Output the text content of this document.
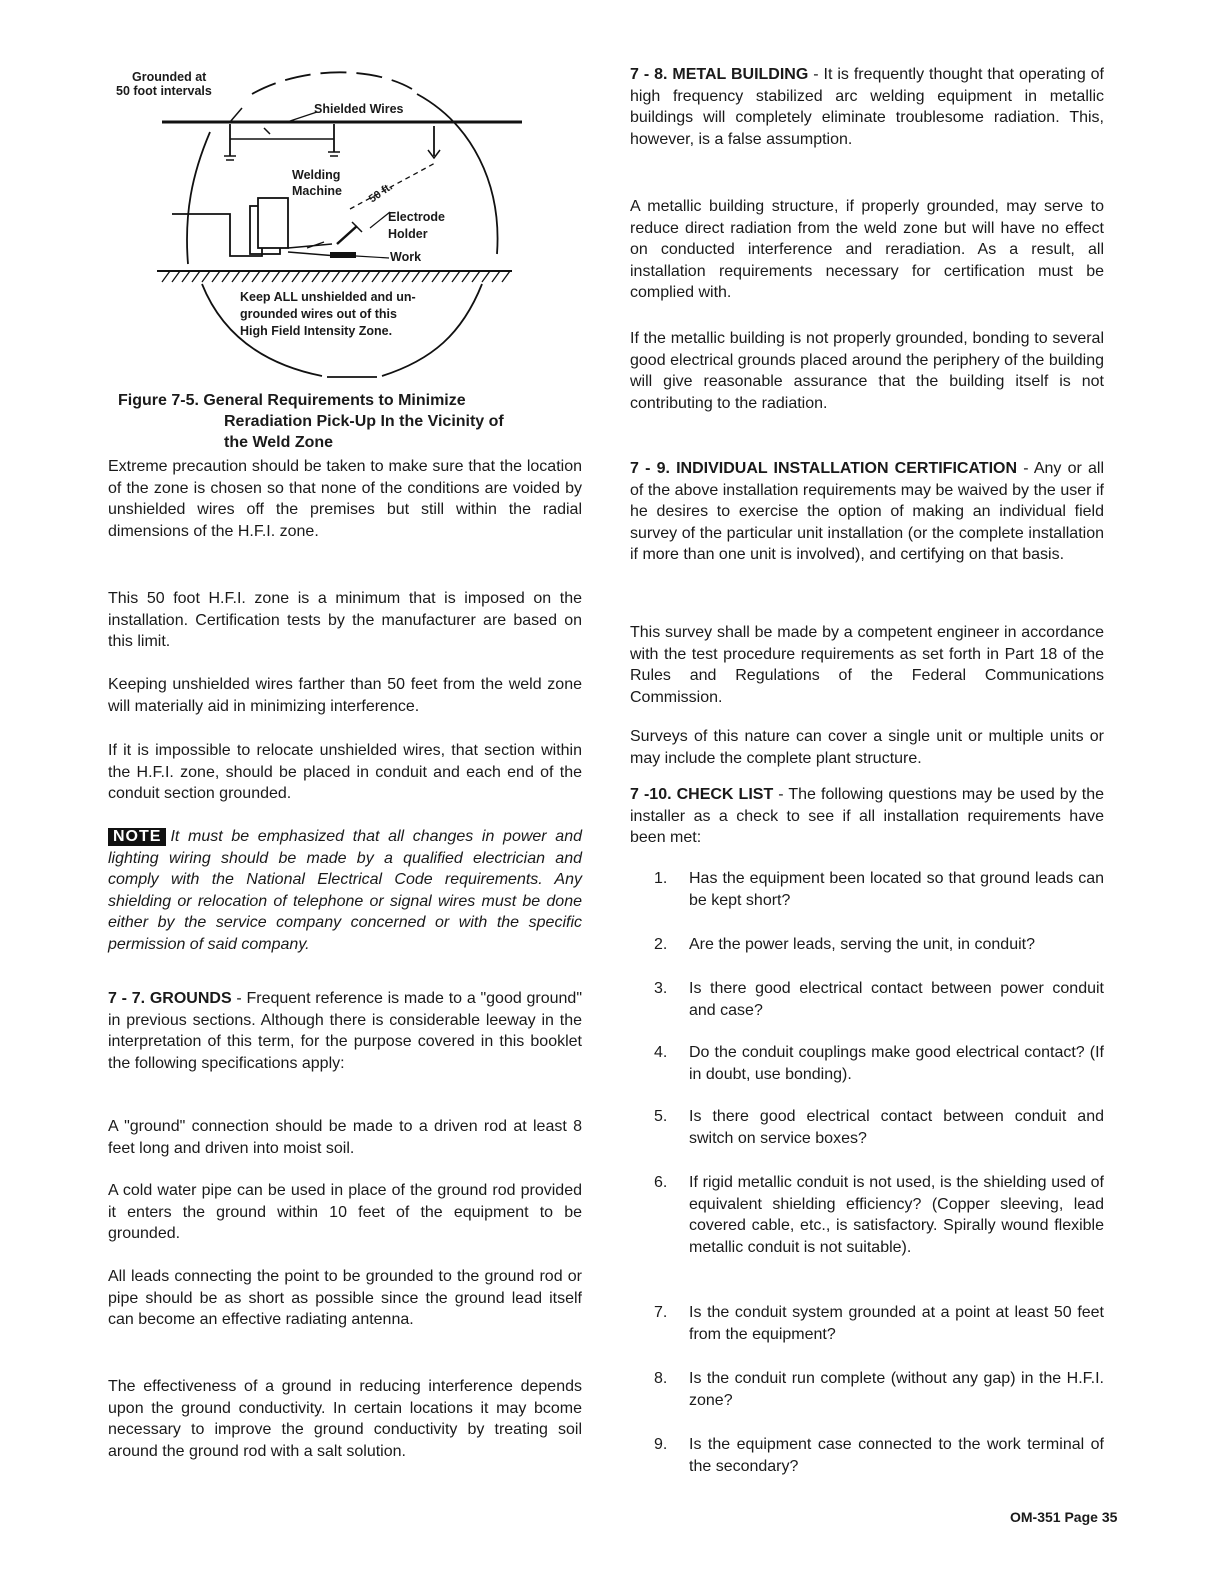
Grounded at
50 foot intervals
Shielded Wires
Welding
Machine 50 ft.
Electrode
Holder
Work
Keep ALL unshielded and un-
grounded wires out of this
High Field Intensity Zone.
Figure 7-5. General Requirements to Minimize
Reradiation Pick-Up In the Vicinity of
the Weld Zone

Extreme precaution should be taken to make sure that the location of the zone is chosen so that none of the conditions are voided by unshielded wires off the premises but still within the radial dimensions of the H.F.I. zone.

This 50 foot H.F.I. zone is a minimum that is imposed on the installation. Certification tests by the manufacturer are based on this limit.

Keeping unshielded wires farther than 50 feet from the weld zone will materially aid in minimizing interference.

If it is impossible to relocate unshielded wires, that section within the H.F.I. zone, should be placed in conduit and each end of the conduit section grounded.

NOTE It must be emphasized that all changes in power and lighting wiring should be made by a qualified electrician and comply with the National Electrical Code requirements. Any shielding or relocation of telephone or signal wires must be done either by the service company concerned or with the specific permission of said company.

7 - 7. GROUNDS - Frequent reference is made to a "good ground" in previous sections. Although there is considerable leeway in the interpretation of this term, for the purpose covered in this booklet the following specifications apply:

A "ground" connection should be made to a driven rod at least 8 feet long and driven into moist soil.

A cold water pipe can be used in place of the ground rod provided it enters the ground within 10 feet of the equipment to be grounded.

All leads connecting the point to be grounded to the ground rod or pipe should be as short as possible since the ground lead itself can become an effective radiating antenna.

The effectiveness of a ground in reducing interference depends upon the ground conductivity. In certain locations it may bcome necessary to improve the ground conductivity by treating soil around the ground rod with a salt solution.

7 - 8. METAL BUILDING - It is frequently thought that operating of high frequency stabilized arc welding equipment in metallic buildings will completely eliminate troublesome radiation. This, however, is a false assumption.

A metallic building structure, if properly grounded, may serve to reduce direct radiation from the weld zone but will have no effect on conducted interference and reradiation. As a result, all installation requirements necessary for certification must be complied with.

If the metallic building is not properly grounded, bonding to several good electrical grounds placed around the periphery of the building will give reasonable assurance that the building itself is not contributing to the radiation.

7 - 9. INDIVIDUAL INSTALLATION CERTIFICATION - Any or all of the above installation requirements may be waived by the user if he desires to exercise the option of making an individual field survey of the particular unit installation (or the complete installation if more than one unit is involved), and certifying on that basis.

This survey shall be made by a competent engineer in accordance with the test procedure requirements as set forth in Part 18 of the Rules and Regulations of the Federal Communications Commission.

Surveys of this nature can cover a single unit or multiple units or may include the complete plant structure.

7 -10. CHECK LIST - The following questions may be used by the installer as a check to see if all installation requirements have been met:

1.	Has the equipment been located so that ground leads can be kept short?
2.	Are the power leads, serving the unit, in conduit?
3.	Is there good electrical contact between power conduit and case?
4.	Do the conduit couplings make good electrical contact? (If in doubt, use bonding).
5.	Is there good electrical contact between conduit and switch on service boxes?
6.	If rigid metallic conduit is not used, is the shielding used of equivalent shielding efficiency? (Copper sleeving, lead covered cable, etc., is satisfactory. Spirally wound flexible metallic conduit is not suitable).
7.	Is the conduit system grounded at a point at least 50 feet from the equipment?
8.	Is the conduit run complete (without any gap) in the H.F.I. zone?
9.	Is the equipment case connected to the work terminal of the secondary?
OM-351 Page 35
